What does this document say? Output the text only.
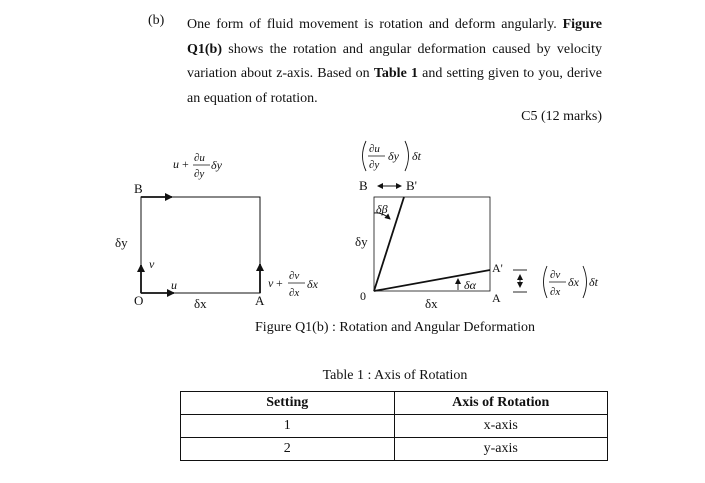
(b) One form of fluid movement is rotation and deform angularly. Figure Q1(b) shows the rotation and angular deformation caused by velocity variation about z-axis. Based on Table 1 and setting given to you, derive an equation of rotation.
C5 (12 marks)
u + ∂u
∂y
δy
B
O	A
δy
δx
v
u	v + ∂v
∂x
δx
∂u
∂y
δy δt
B	B'
δβ
δy
0	δx
δα
A'
A
∂v
∂x
δx δt
Figure Q1(b) : Rotation and Angular Deformation
Table 1 : Axis of Rotation
Setting	Axis of Rotation
1	x-axis
2	y-axis
